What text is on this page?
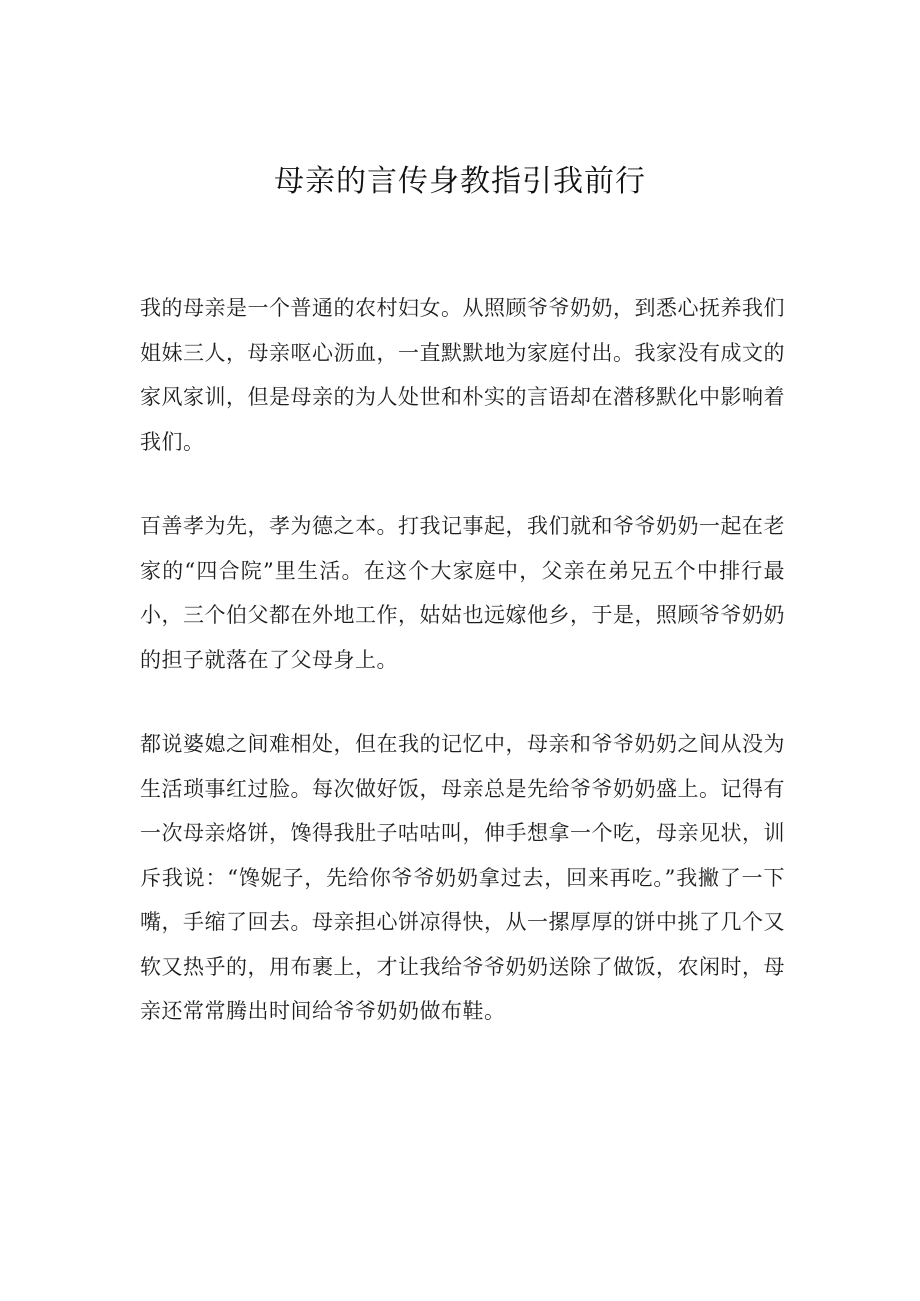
母亲的言传身教指引我前行

我的母亲是一个普通的农村妇女。从照顾爷爷奶奶，到悉心抚养我们姐妹三人，母亲呕心沥血，一直默默地为家庭付出。我家没有成文的家风家训，但是母亲的为人处世和朴实的言语却在潜移默化中影响着我们。

百善孝为先，孝为德之本。打我记事起，我们就和爷爷奶奶一起在老家的“四合院”里生活。在这个大家庭中，父亲在弟兄五个中排行最小，三个伯父都在外地工作，姑姑也远嫁他乡，于是，照顾爷爷奶奶的担子就落在了父母身上。

都说婆媳之间难相处，但在我的记忆中，母亲和爷爷奶奶之间从没为生活琐事红过脸。每次做好饭，母亲总是先给爷爷奶奶盛上。记得有一次母亲烙饼，馋得我肚子咕咕叫，伸手想拿一个吃，母亲见状，训斥我说：“馋妮子，先给你爷爷奶奶拿过去，回来再吃。”我撇了一下嘴，手缩了回去。母亲担心饼凉得快，从一摞厚厚的饼中挑了几个又软又热乎的，用布裹上，才让我给爷爷奶奶送除了做饭，农闲时，母亲还常常腾出时间给爷爷奶奶做布鞋。
